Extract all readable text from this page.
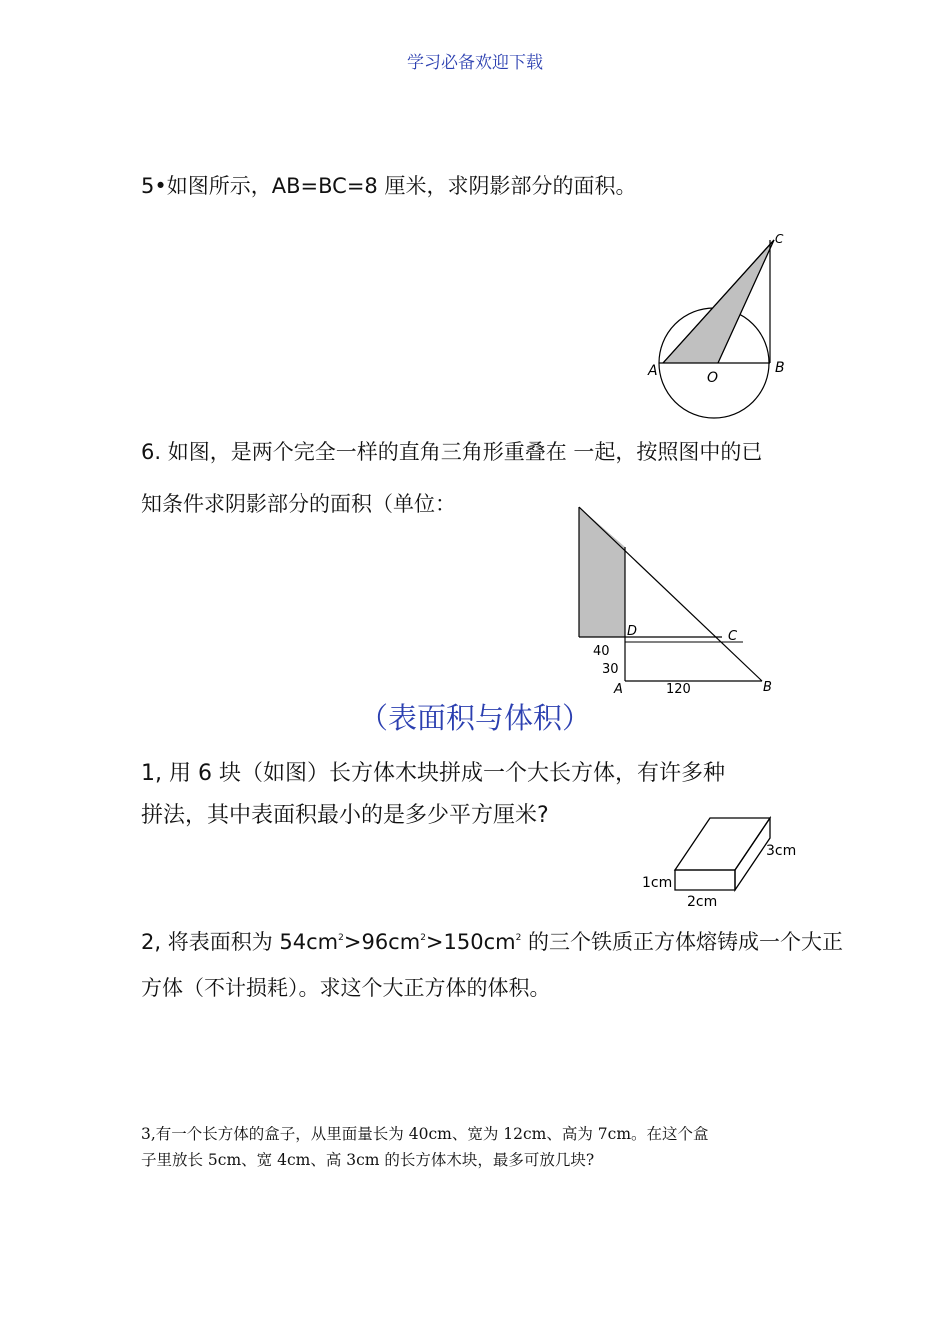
学习必备欢迎下载
5•如图所示，AB=BC=8 厘米，求阴影部分的面积。
A	O
B
C
6. 如图，是两个完全一样的直角三角形重叠在 一起，按照图中的已
知条件求阴影部分的面积（单位：
D	C
40
30
A	120	B
（表面积与体积）
1, 用 6 块（如图）长方体木块拼成一个大长方体，有许多种
拼法，其中表面积最小的是多少平方厘米?
1cm
2cm
3cm
2, 将表面积为 $54cm^2>96cm^2>150cm^2$ 的三个铁质正方体熔铸成一个大正
方体（不计损耗）。求这个大正方体的体积。
3,有一个长方体的盒子，从里面量长为 40cm、宽为 12cm、高为 7cm。在这个盒
子里放长 5cm、宽 4cm、高 3cm 的长方体木块，最多可放几块?
